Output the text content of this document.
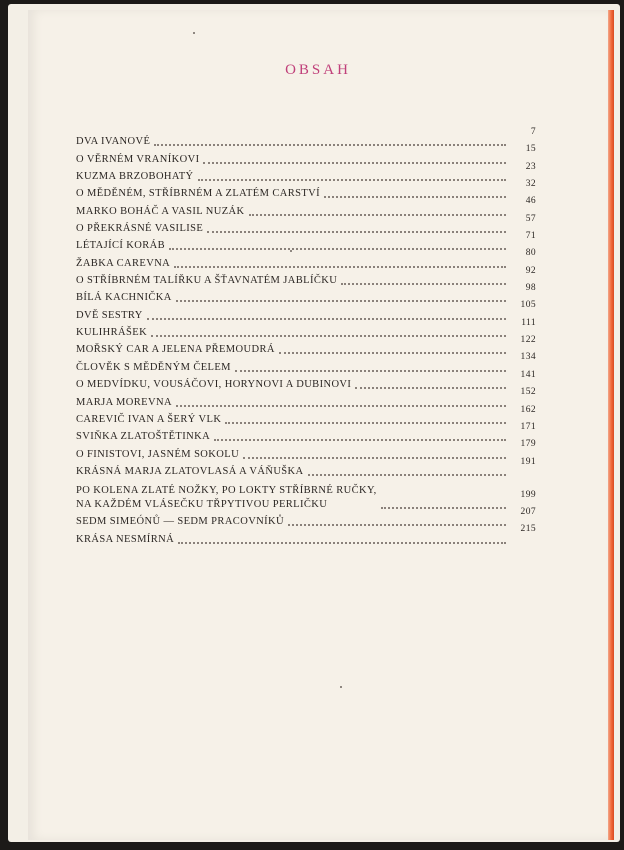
OBSAH
DVA IVANOVÉ
7
O VĚRNÉM VRANÍKOVI
15
KUZMA BRZOBOHATÝ
23
O MĚDĚNÉM, STŘÍBRNÉM A ZLATÉM CARSTVÍ
32
MARKO BOHÁČ A VASIL NUZÁK
46
O PŘEKRÁSNÉ VASILISE
57
LÉTAJÍCÍ KORÁB
71
ŽABKA CAREVNA
80
O STŘÍBRNÉM TALÍŘKU A ŠŤAVNATÉM JABLÍČKU
92
BÍLÁ KACHNIČKA
98
DVĚ SESTRY
105
KULIHRÁŠEK
111
MOŘSKÝ CAR A JELENA PŘEMOUDRÁ
122
ČLOVĚK S MĚDĚNÝM ČELEM
134
O MEDVÍDKU, VOUSÁČOVI, HORYNOVI A DUBINOVI
141
MARJA MOREVNA
152
CAREVIČ IVAN A ŠERÝ VLK
162
SVIŇKA ZLATOŠTĚTINKA
171
O FINISTOVI, JASNÉM SOKOLU
179
KRÁSNÁ MARJA ZLATOVLASÁ A VÁŇUŠKA
191
PO KOLENA ZLATÉ NOŽKY, PO LOKTY STŘÍBRNÉ RUČKY,
NA KAŽDÉM VLÁSEČKU TŘPYTIVOU PERLIČKU
199
SEDM SIMEÓNŮ — SEDM PRACOVNÍKŮ
207
KRÁSA NESMÍRNÁ
215
